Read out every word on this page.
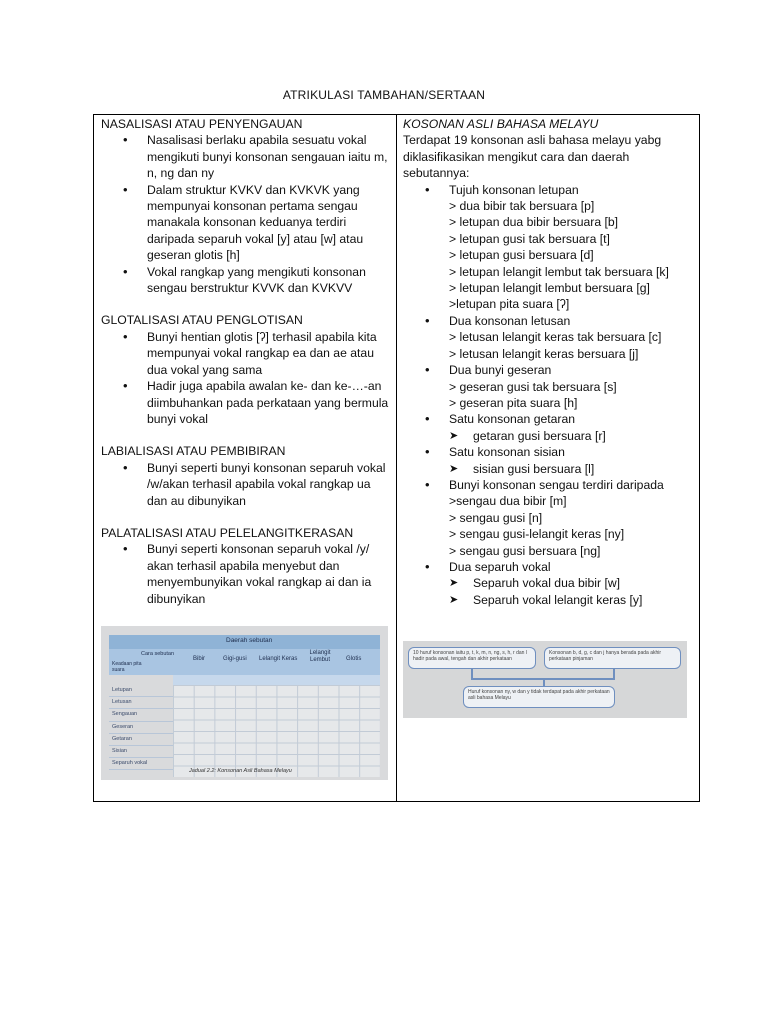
ATRIKULASI TAMBAHAN/SERTAAN

NASALISASI ATAU PENYENGAUAN

• Nasalisasi berlaku apabila sesuatu vokal mengikuti bunyi konsonan sengauan iaitu m, n, ng dan ny
• Dalam struktur KVKV dan KVKVK yang mempunyai konsonan pertama sengau manakala konsonan keduanya terdiri daripada separuh vokal [y] atau [w] atau geseran glotis [h]
• Vokal rangkap yang mengikuti konsonan sengau berstruktur KVVK dan KVKVV

GLOTALISASI ATAU PENGLOTISAN

• Bunyi hentian glotis [ʔ] terhasil apabila kita mempunyai vokal rangkap ea dan ae atau dua vokal yang sama
• Hadir juga apabila awalan ke- dan ke-…-an diimbuhankan pada perkataan yang bermula bunyi vokal

LABIALISASI ATAU PEMBIBIRAN

• Bunyi seperti bunyi konsonan separuh vokal /w/akan terhasil apabila vokal rangkap ua dan au dibunyikan

PALATALISASI ATAU PELELANGITKERASAN

• Bunyi seperti konsonan separuh vokal /y/ akan terhasil apabila menyebut dan menyembunyikan vokal rangkap ai dan ia dibunyikan
Daerah sebutan
Cara sebutan
Keadaan pita suara
Bibir	Gigi-gusi Lelangit Keras
Lelangit Lembut	Glotis
Letupan
Letusan
Sengauan
Geseran
Getaran
Sisian
Separuh vokal
Jadual 2.2: Konsonan Asli Bahasa Melayu

KOSONAN ASLI BAHASA MELAYU

Terdapat 19 konsonan asli bahasa melayu yabg diklasifikasikan mengikut cara dan daerah sebutannya:
• Tujuh konsonan letupan
> dua bibir tak bersuara [p]
> letupan dua bibir bersuara [b]
> letupan gusi tak bersuara [t]
> letupan gusi bersuara [d]
> letupan lelangit lembut tak bersuara [k]
> letupan lelangit lembut bersuara [g]
>letupan pita suara [ʔ]
• Dua konsonan letusan
> letusan lelangit keras tak bersuara [c]
> letusan lelangit keras bersuara [j]
• Dua bunyi geseran
> geseran gusi tak bersuara [s]
> geseran pita suara [h]
• Satu konsonan getaran
➤ getaran gusi bersuara [r]
• Satu konsonan sisian
➤ sisian gusi bersuara [l]
• Bunyi konsonan sengau terdiri daripada
>sengau dua bibir [m]
> sengau gusi [n]
> sengau gusi-lelangit keras [ny]
> sengau gusi bersuara [ng]
• Dua separuh vokal
➤ Separuh vokal dua bibir [w]
➤ Separuh vokal lelangit keras [y]
10 huruf konsonan iaitu p, t, k, m, n, ng, s, h, r dan l hadir pada awal, tengah dan akhir perkataan
Konsonan b, d, g, c dan j hanya berada pada akhir perkataan pinjaman
Huruf konsonan ny, w dan y tidak terdapat pada akhir perkataan asli bahasa Melayu
